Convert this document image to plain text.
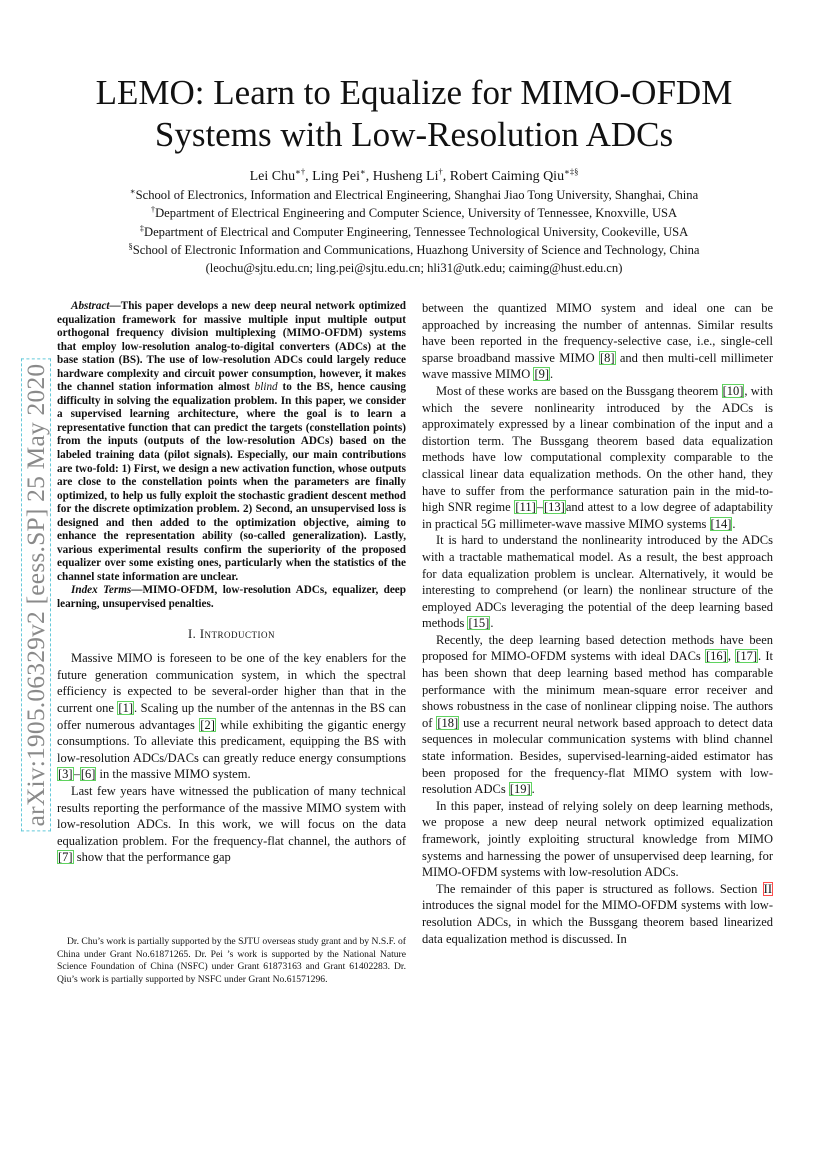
LEMO: Learn to Equalize for MIMO-OFDM
Systems with Low-Resolution ADCs
Lei Chu∗†, Ling Pei∗, Husheng Li†, Robert Caiming Qiu∗‡§
∗School of Electronics, Information and Electrical Engineering, Shanghai Jiao Tong University, Shanghai, China
†Department of Electrical Engineering and Computer Science, University of Tennessee, Knoxville, USA
‡Department of Electrical and Computer Engineering, Tennessee Technological University, Cookeville, USA
§School of Electronic Information and Communications, Huazhong University of Science and Technology, China
(leochu@sjtu.edu.cn; ling.pei@sjtu.edu.cn; hli31@utk.edu; caiming@hust.edu.cn)
arXiv:1905.06329v2 [eess.SP] 25 May 2020

Abstract—This paper develops a new deep neural network optimized equalization framework for massive multiple input multiple output orthogonal frequency division multiplexing (MIMO-OFDM) systems that employ low-resolution analog-to-digital converters (ADCs) at the base station (BS). The use of low-resolution ADCs could largely reduce hardware complexity and circuit power consumption, however, it makes the channel station information almost blind to the BS, hence causing difficulty in solving the equalization problem. In this paper, we consider a supervised learning architecture, where the goal is to learn a representative function that can predict the targets (constellation points) from the inputs (outputs of the low-resolution ADCs) based on the labeled training data (pilot signals). Especially, our main contributions are two-fold: 1) First, we design a new activation function, whose outputs are close to the constellation points when the parameters are finally optimized, to help us fully exploit the stochastic gradient descent method for the discrete optimization problem. 2) Second, an unsupervised loss is designed and then added to the optimization objective, aiming to enhance the representation ability (so-called generalization). Lastly, various experimental results confirm the superiority of the proposed equalizer over some existing ones, particularly when the statistics of the channel state information are unclear.

Index Terms—MIMO-OFDM, low-resolution ADCs, equalizer, deep learning, unsupervised penalties.

I. Introduction

Massive MIMO is foreseen to be one of the key enablers for the future generation communication system, in which the spectral efficiency is expected to be several-order higher than that in the current one [1]. Scaling up the number of the antennas in the BS can offer numerous advantages [2] while exhibiting the gigantic energy consumptions. To alleviate this predicament, equipping the BS with low-resolution ADCs/DACs can greatly reduce energy consumptions [3]–[6] in the massive MIMO system.

Last few years have witnessed the publication of many technical results reporting the performance of the massive MIMO system with low-resolution ADCs. In this work, we will focus on the data equalization problem. For the frequency-flat channel, the authors of [7] show that the performance gap

Dr. Chu’s work is partially supported by the SJTU overseas study grant and by N.S.F. of China under Grant No.61871265. Dr. Pei ’s work is supported by the National Nature Science Foundation of China (NSFC) under Grant 61873163 and Grant 61402283. Dr. Qiu’s work is partially supported by NSFC under Grant No.61571296.

between the quantized MIMO system and ideal one can be approached by increasing the number of antennas. Similar results have been reported in the frequency-selective case, i.e., single-cell sparse broadband massive MIMO [8] and then multi-cell millimeter wave massive MIMO [9].

Most of these works are based on the Bussgang theorem [10], with which the severe nonlinearity introduced by the ADCs is approximately expressed by a linear combination of the input and a distortion term. The Bussgang theorem based data equalization methods have low computational complexity comparable to the classical linear data equalization methods. On the other hand, they have to suffer from the performance saturation pain in the mid-to-high SNR regime [11]–[13]and attest to a low degree of adaptability in practical 5G millimeter-wave massive MIMO systems [14].

It is hard to understand the nonlinearity introduced by the ADCs with a tractable mathematical model. As a result, the best approach for data equalization problem is unclear. Alternatively, it would be interesting to comprehend (or learn) the nonlinear structure of the employed ADCs leveraging the potential of the deep learning based methods [15].

Recently, the deep learning based detection methods have been proposed for MIMO-OFDM systems with ideal DACs [16], [17]. It has been shown that deep learning based method has comparable performance with the minimum mean-square error receiver and shows robustness in the case of nonlinear clipping noise. The authors of [18] use a recurrent neural network based approach to detect data sequences in molecular communication systems with blind channel state information. Besides, supervised-learning-aided estimator has been proposed for the frequency-flat MIMO system with low-resolution ADCs [19].

In this paper, instead of relying solely on deep learning methods, we propose a new deep neural network optimized equalization framework, jointly exploiting structural knowledge from MIMO systems and harnessing the power of unsupervised deep learning, for MIMO-OFDM systems with low-resolution ADCs.

The remainder of this paper is structured as follows. Section II introduces the signal model for the MIMO-OFDM systems with low-resolution ADCs, in which the Bussgang theorem based linearized data equalization method is discussed. In
